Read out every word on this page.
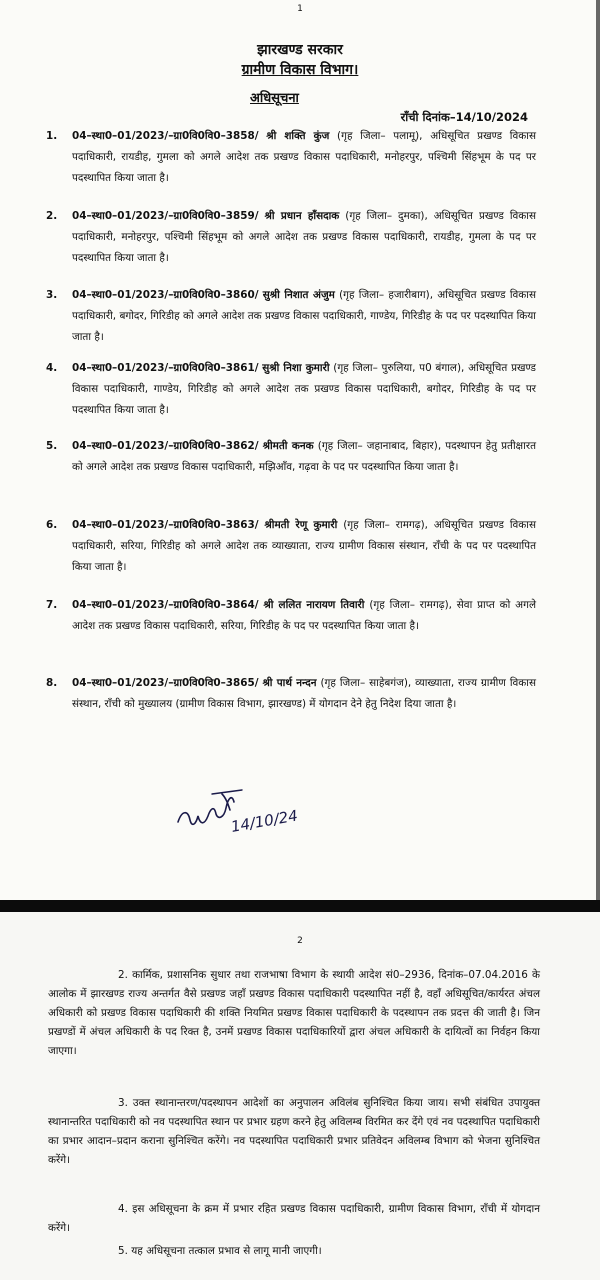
1
झारखण्ड सरकार
ग्रामीण विकास विभाग।
अधिसूचना
राँची दिनांक–14/10/2024
1.	04–स्था0–01/2023/–ग्रा0वि0वि0–3858/ श्री शक्ति कुंज (गृह जिला– पलामू), अधिसूचित प्रखण्ड विकास पदाधिकारी, रायडीह, गुमला को अगले आदेश तक प्रखण्ड विकास पदाधिकारी, मनोहरपुर, पश्चिमी सिंहभूम के पद पर पदस्थापित किया जाता है।
2.	04–स्था0–01/2023/–ग्रा0वि0वि0–3859/ श्री प्रधान हाँसदाक (गृह जिला– दुमका), अधिसूचित प्रखण्ड विकास पदाधिकारी, मनोहरपुर, पश्चिमी सिंहभूम को अगले आदेश तक प्रखण्ड विकास पदाधिकारी, रायडीह, गुमला के पद पर पदस्थापित किया जाता है।
3.	04–स्था0–01/2023/–ग्रा0वि0वि0–3860/ सुश्री निशात अंजुम (गृह जिला– हजारीबाग), अधिसूचित प्रखण्ड विकास पदाधिकारी, बगोदर, गिरिडीह को अगले आदेश तक प्रखण्ड विकास पदाधिकारी, गाण्डेय, गिरिडीह के पद पर पदस्थापित किया जाता है।
4.	04–स्था0–01/2023/–ग्रा0वि0वि0–3861/ सुश्री निशा कुमारी (गृह जिला– पुरुलिया, प0 बंगाल), अधिसूचित प्रखण्ड विकास पदाधिकारी, गाण्डेय, गिरिडीह को अगले आदेश तक प्रखण्ड विकास पदाधिकारी, बगोदर, गिरिडीह के पद पर पदस्थापित किया जाता है।
5.	04–स्था0–01/2023/–ग्रा0वि0वि0–3862/ श्रीमती कनक (गृह जिला– जहानाबाद, बिहार), पदस्थापन हेतु प्रतीक्षारत को अगले आदेश तक प्रखण्ड विकास पदाधिकारी, मझिआँव, गढ़वा के पद पर पदस्थापित किया जाता है।
6.	04–स्था0–01/2023/–ग्रा0वि0वि0–3863/ श्रीमती रेणू कुमारी (गृह जिला– रामगढ़), अधिसूचित प्रखण्ड विकास पदाधिकारी, सरिया, गिरिडीह को अगले आदेश तक व्याख्याता, राज्य ग्रामीण विकास संस्थान, राँची के पद पर पदस्थापित किया जाता है।
7.	04–स्था0–01/2023/–ग्रा0वि0वि0–3864/ श्री ललित नारायण तिवारी (गृह जिला– रामगढ़), सेवा प्राप्त को अगले आदेश तक प्रखण्ड विकास पदाधिकारी, सरिया, गिरिडीह के पद पर पदस्थापित किया जाता है।
8.	04–स्था0–01/2023/–ग्रा0वि0वि0–3865/ श्री पार्थ नन्दन (गृह जिला– साहेबगंज), व्याख्याता, राज्य ग्रामीण विकास संस्थान, राँची को मुख्यालय (ग्रामीण विकास विभाग, झारखण्ड) में योगदान देने हेतु निदेश दिया जाता है।
14/10/24
2
2. कार्मिक, प्रशासनिक सुधार तथा राजभाषा विभाग के स्थायी आदेश सं0–2936, दिनांक–07.04.2016 के आलोक में झारखण्ड राज्य अन्तर्गत वैसे प्रखण्ड जहाँ प्रखण्ड विकास पदाधिकारी पदस्थापित नहीं है, वहाँ अधिसूचित/कार्यरत अंचल अधिकारी को प्रखण्ड विकास पदाधिकारी की शक्ति नियमित प्रखण्ड विकास पदाधिकारी के पदस्थापन तक प्रदत्त की जाती है। जिन प्रखण्डों में अंचल अधिकारी के पद रिक्त है, उनमें प्रखण्ड विकास पदाधिकारियों द्वारा अंचल अधिकारी के दायित्वों का निर्वहन किया जाएगा।
3. उक्त स्थानान्तरण/पदस्थापन आदेशों का अनुपालन अविलंब सुनिश्चित किया जाय। सभी संबंधित उपायुक्त स्थानान्तरित पदाधिकारी को नव पदस्थापित स्थान पर प्रभार ग्रहण करने हेतु अविलम्ब विरमित कर देंगे एवं नव पदस्थापित पदाधिकारी का प्रभार आदान–प्रदान कराना सुनिश्चित करेंगे। नव पदस्थापित पदाधिकारी प्रभार प्रतिवेदन अविलम्ब विभाग को भेजना सुनिश्चित करेंगे।
4. इस अधिसूचना के क्रम में प्रभार रहित प्रखण्ड विकास पदाधिकारी, ग्रामीण विकास विभाग, राँची में योगदान करेंगे।
5. यह अधिसूचना तत्काल प्रभाव से लागू मानी जाएगी।
